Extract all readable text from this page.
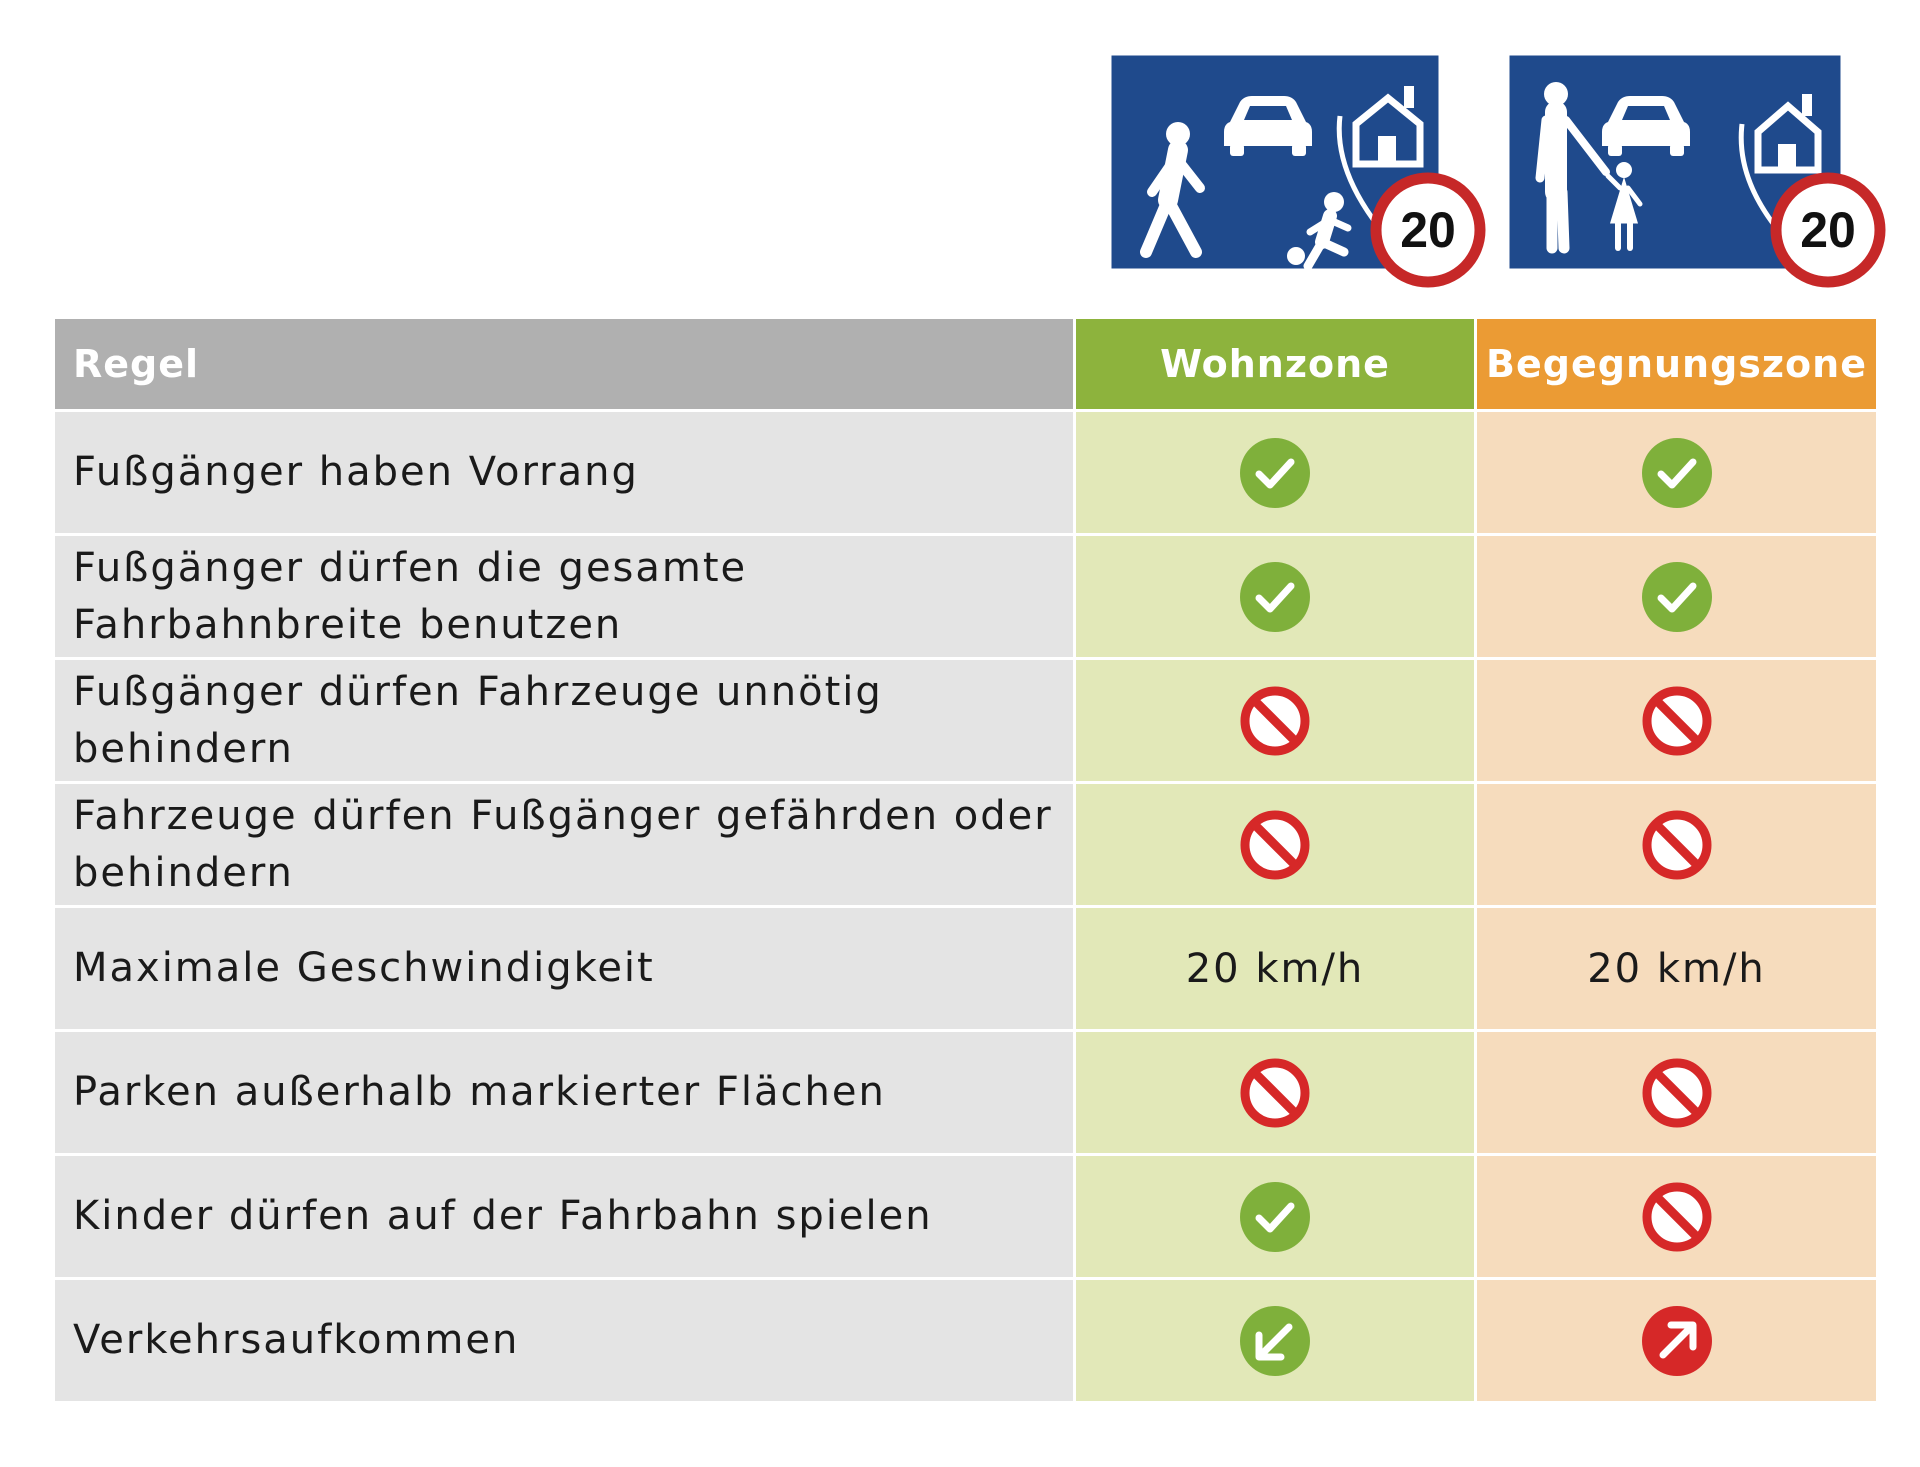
20	20
Regel	Wohnzone	Begegnungszone
Fußgänger haben Vorrang	

Fußgänger dürfen die gesamte Fahrbahnbreite benutzen	

Fußgänger dürfen Fahrzeuge unnötig behindern	

Fahrzeuge dürfen Fußgänger gefährden oder behindern	

Maximale Geschwindigkeit	20 km/h	20 km/h
Parken außerhalb markierter Flächen	

Kinder dürfen auf der Fahrbahn spielen	

Verkehrsaufkommen	
